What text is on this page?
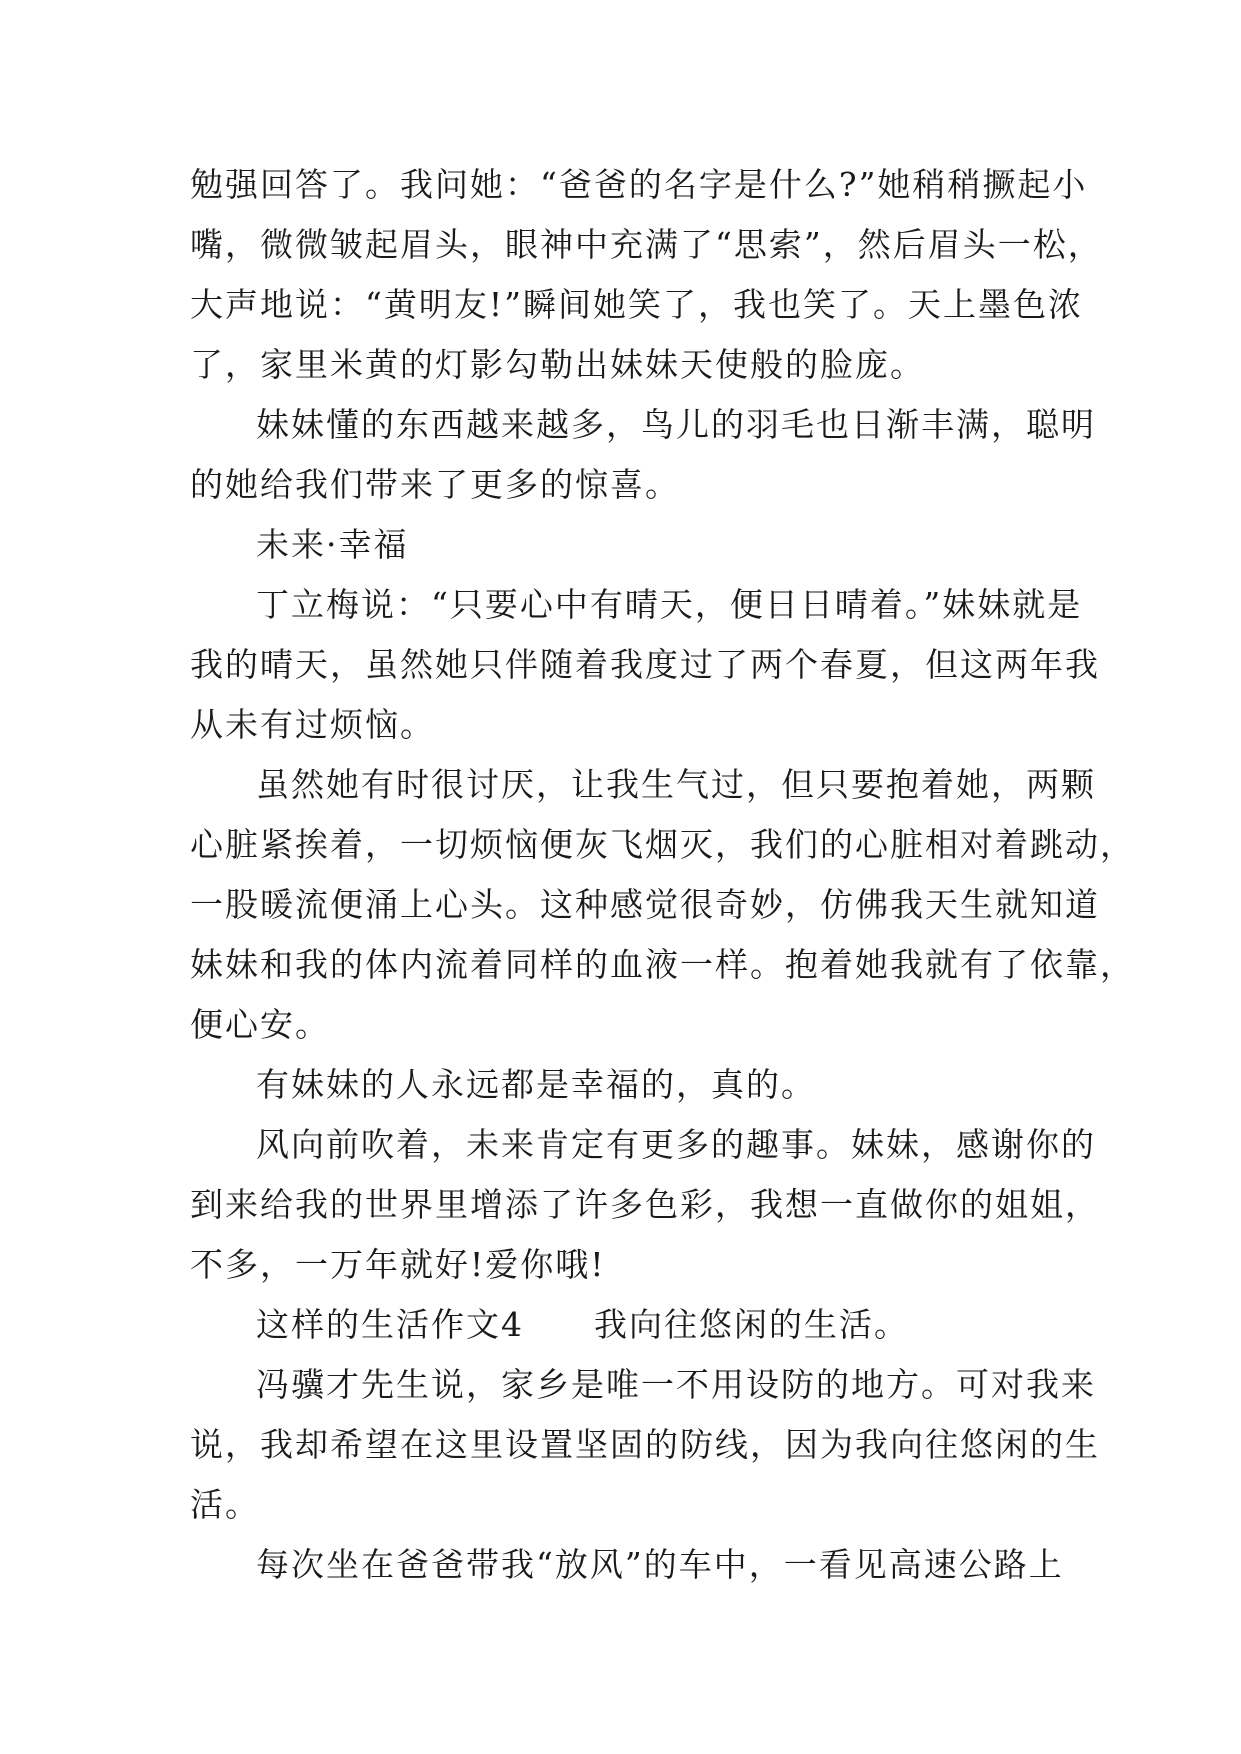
勉强回答了。我问她：“爸爸的名字是什么?”她稍稍撅起小
嘴，微微皱起眉头，眼神中充满了“思索”，然后眉头一松，
大声地说：“黄明友!”瞬间她笑了，我也笑了。天上墨色浓
了，家里米黄的灯影勾勒出妹妹天使般的脸庞。

妹妹懂的东西越来越多，鸟儿的羽毛也日渐丰满，聪明
的她给我们带来了更多的惊喜。

未来·幸福

丁立梅说：“只要心中有晴天，便日日晴着。”妹妹就是
我的晴天，虽然她只伴随着我度过了两个春夏，但这两年我
从未有过烦恼。

虽然她有时很讨厌，让我生气过，但只要抱着她，两颗
心脏紧挨着，一切烦恼便灰飞烟灭，我们的心脏相对着跳动，
一股暖流便涌上心头。这种感觉很奇妙，仿佛我天生就知道
妹妹和我的体内流着同样的血液一样。抱着她我就有了依靠，
便心安。

有妹妹的人永远都是幸福的，真的。

风向前吹着，未来肯定有更多的趣事。妹妹，感谢你的
到来给我的世界里增添了许多色彩，我想一直做你的姐姐，
不多，一万年就好!爱你哦!

这样的生活作文4　　我向往悠闲的生活。

冯骥才先生说，家乡是唯一不用设防的地方。可对我来
说，我却希望在这里设置坚固的防线，因为我向往悠闲的生
活。

每次坐在爸爸带我“放风”的车中，一看见高速公路上
